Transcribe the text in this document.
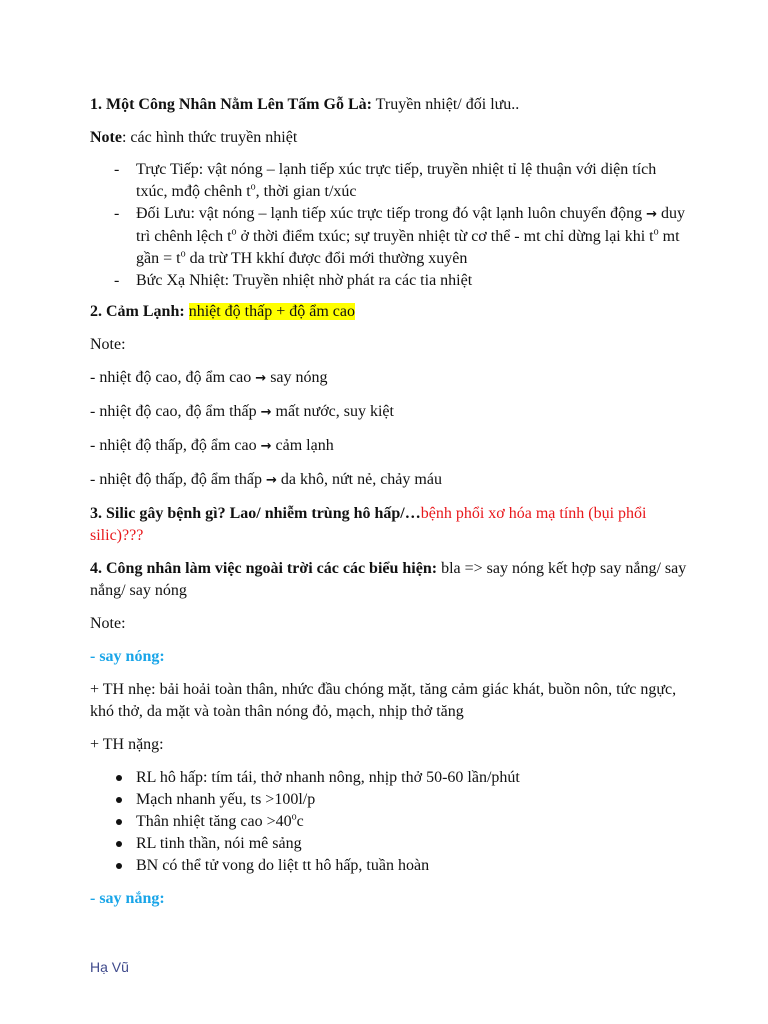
1. Một Công Nhân Nằm Lên Tấm Gỗ Là: Truyền nhiệt/ đối lưu..

Note: các hình thức truyền nhiệt

- Trực Tiếp: vật nóng – lạnh tiếp xúc trực tiếp, truyền nhiệt tỉ lệ thuận với diện tích txúc, mđộ chênh $t^o$, thời gian t/xúc
- Đối Lưu: vật nóng – lạnh tiếp xúc trực tiếp trong đó vật lạnh luôn chuyển động → duy trì chênh lệch $t^o$ ở thời điểm txúc; sự truyền nhiệt từ cơ thể - mt chỉ dừng lại khi $t^o$ mt gần = $t^o$ da trừ TH kkhí được đổi mới thường xuyên
- Bức Xạ Nhiệt: Truyền nhiệt nhờ phát ra các tia nhiệt

2. Cảm Lạnh: nhiệt độ thấp + độ ẩm cao

Note:

- nhiệt độ cao, độ ẩm cao → say nóng

- nhiệt độ cao, độ ẩm thấp → mất nước, suy kiệt

- nhiệt độ thấp, độ ẩm cao → cảm lạnh

- nhiệt độ thấp, độ ẩm thấp → da khô, nứt nẻ, chảy máu

3. Silic gây bệnh gì? Lao/ nhiễm trùng hô hấp/…bệnh phổi xơ hóa mạ tính (bụi phổi silic)???

4. Công nhân làm việc ngoài trời các các biểu hiện: bla => say nóng kết hợp say nắng/ say nắng/ say nóng

Note:

- say nóng:

+ TH nhẹ: bải hoải toàn thân, nhức đầu chóng mặt, tăng cảm giác khát, buồn nôn, tức ngực, khó thở, da mặt và toàn thân nóng đỏ, mạch, nhịp thở tăng

+ TH nặng:

RL hô hấp: tím tái, thở nhanh nông, nhịp thở 50-60 lần/phút
Mạch nhanh yếu, ts >100l/p
Thân nhiệt tăng cao $>40^oc$
RL tinh thần, nói mê sảng
BN có thể tử vong do liệt tt hô hấp, tuần hoàn

- say nắng:

Hạ Vũ
